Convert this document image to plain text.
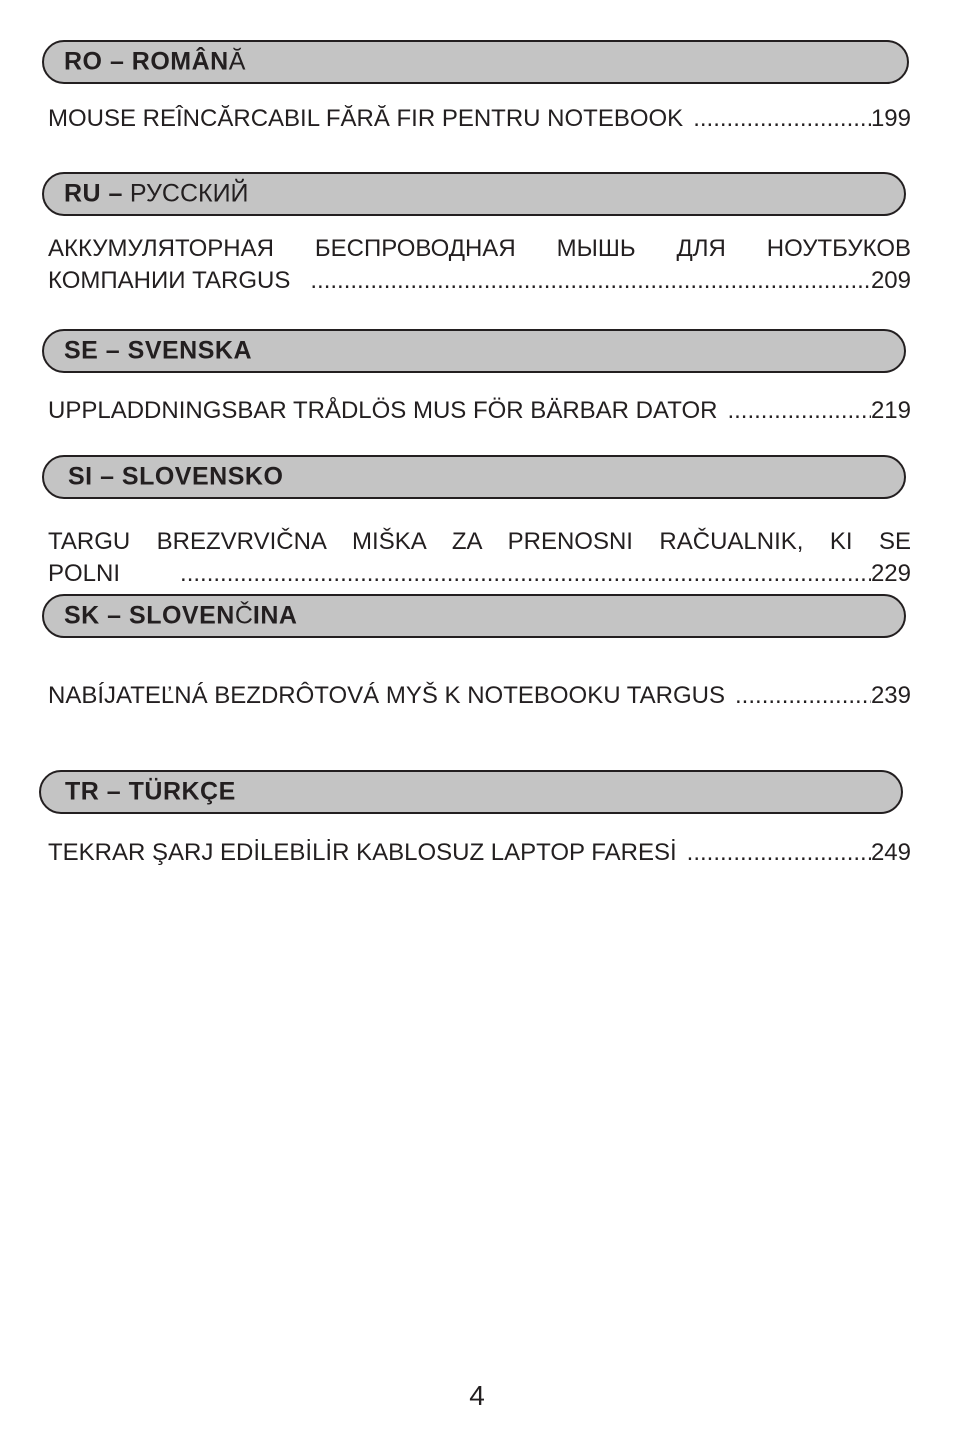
RO – ROMÂNĂ
MOUSE REÎNCĂRCABIL FĂRĂ FIR PENTRU NOTEBOOK .....	199
RU – РУССКИЙ
АККУМУЛЯТОРНАЯ БЕСПРОВОДНАЯ МЫШЬ ДЛЯ НОУТБУКОВ
КОМПАНИИ TARGUS .....	209
SE – SVENSKA
UPPLADDNINGSBAR TRÅDLÖS MUS FÖR BÄRBAR DATOR .....	219
SI – SLOVENSKO
TARGU BREZVRVIČNA MIŠKA ZA PRENOSNI RAČUALNIK, KI SE
POLNI .....	229
SK – SLOVENČINA
NABÍJATEĽNÁ BEZDRÔTOVÁ MYŠ K NOTEBOOKU TARGUS .....	239
TR – TÜRKÇE
TEKRAR ŞARJ EDİLEBİLİR KABLOSUZ LAPTOP FARESİ .....	249
4
